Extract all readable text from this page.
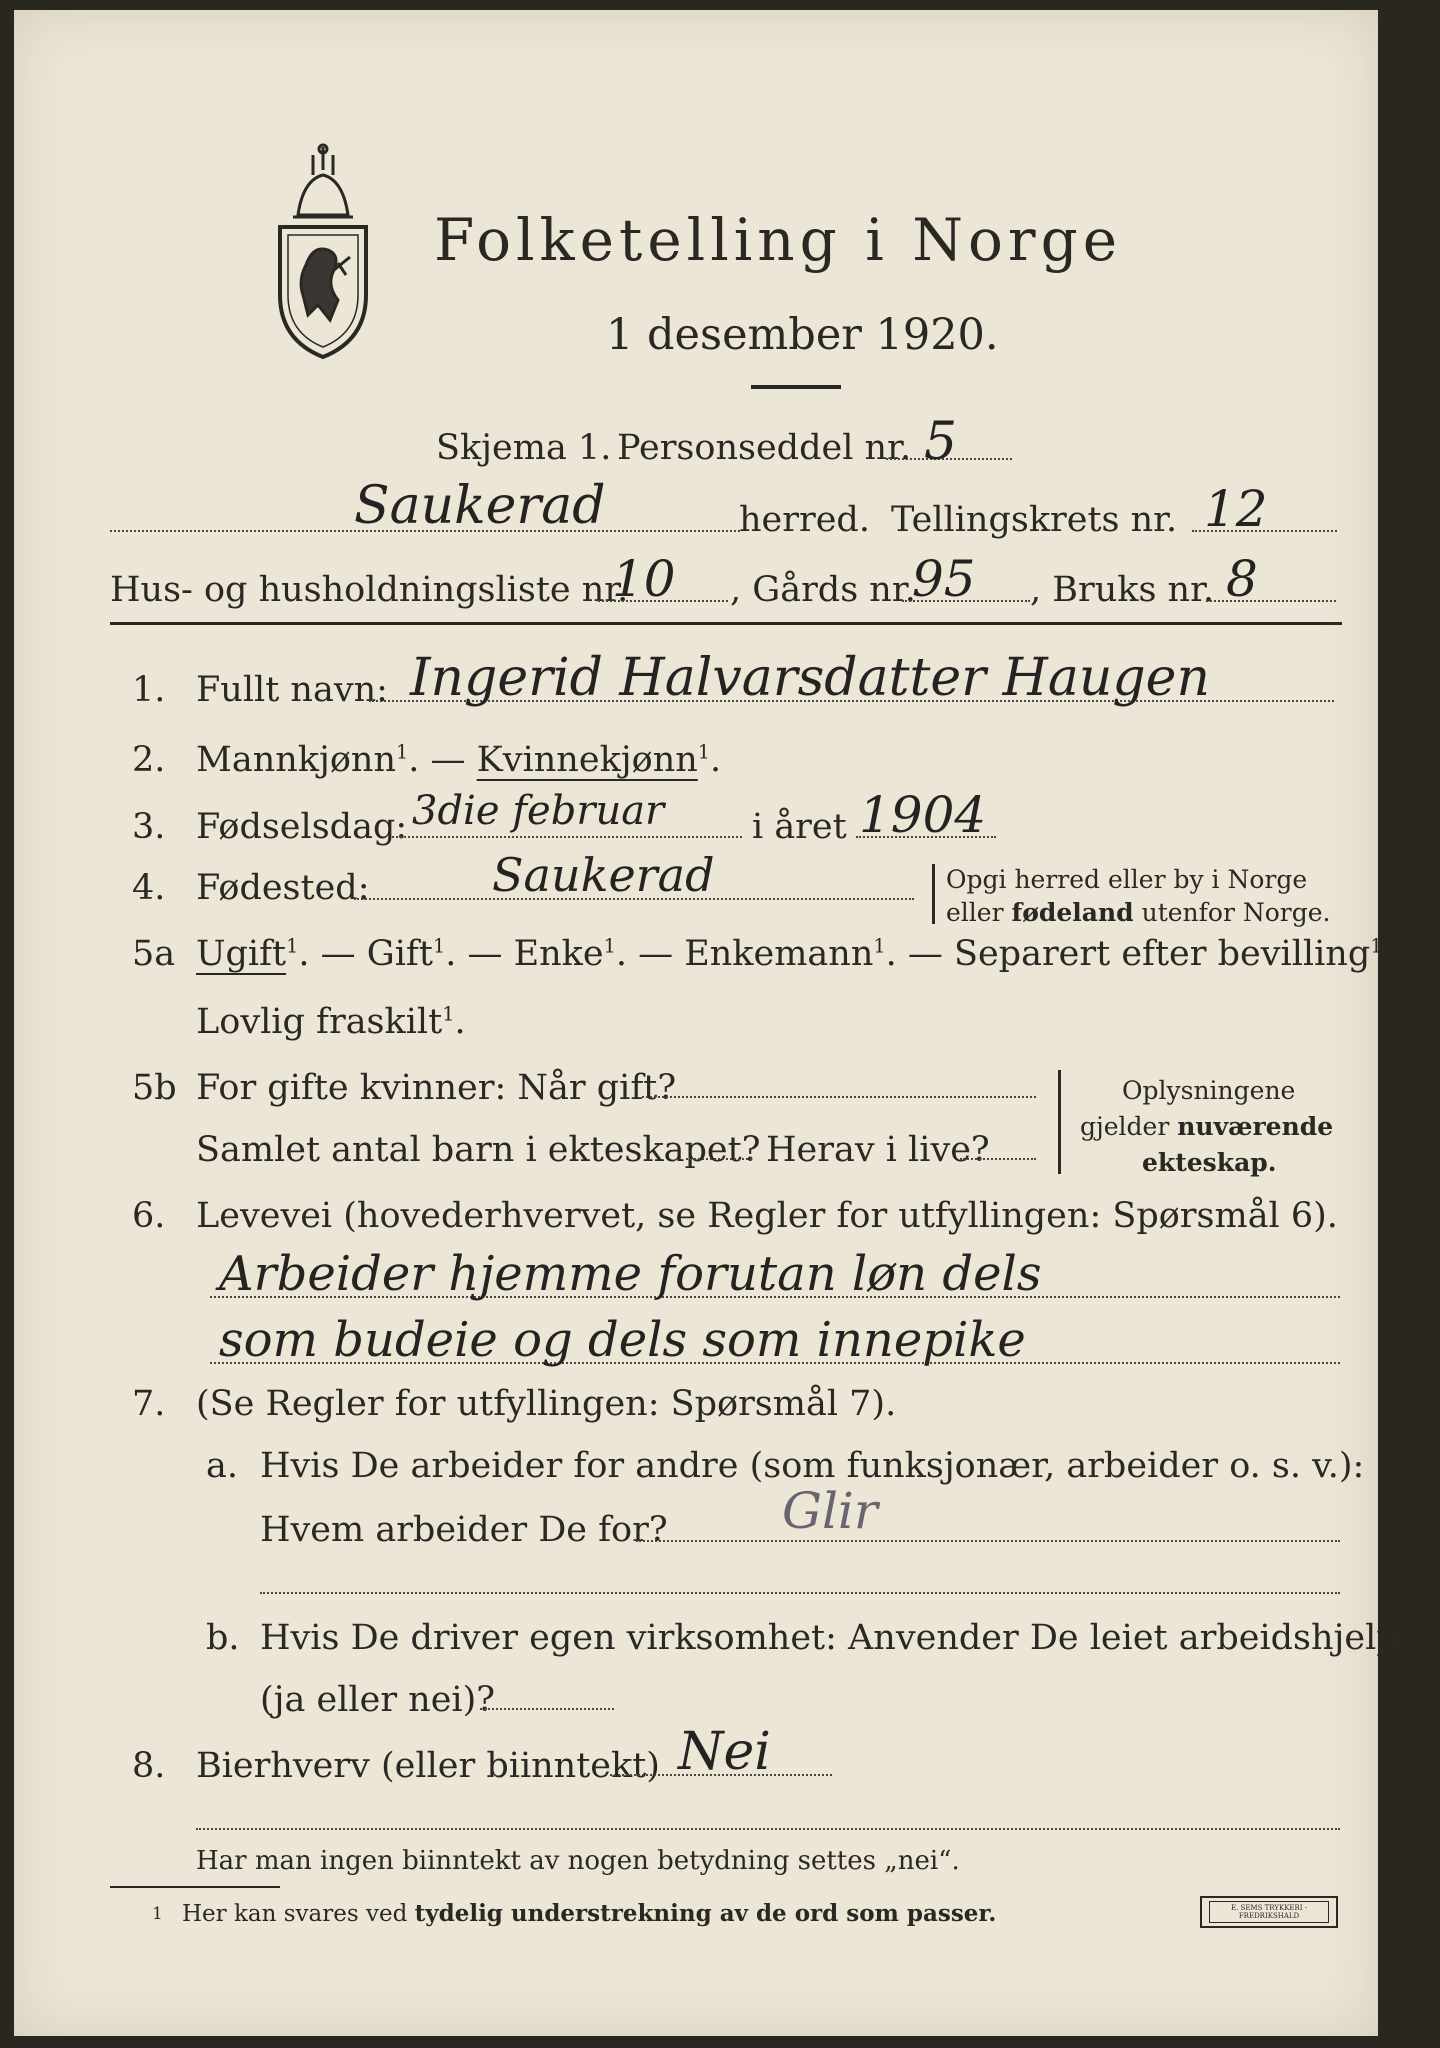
Folketelling i Norge
1 desember 1920.
Skjema 1. Personseddel nr. 5
Saukerad	herred. Tellingskrets nr. 12
Hus- og husholdningsliste nr.
10 , Gårds nr.
95 , Bruks nr. 8
1. Fullt navn: Ingerid Halvarsdatter Haugen
2. Mannkjønn$^1$. — Kvinnekjønn$^1$.
3. Fødselsdag: 3die februar	i året 1904
4. Fødested:	Saukerad	Opgi herred eller by i Norge
eller fødeland utenfor Norge.
5a Ugift$^1$. — Gift$^1$. — Enke$^1$. — Enkemann$^1$. — Separert efter bevilling$^1$. —
Lovlig fraskilt$^1$.
5b For gifte kvinner: Når gift?
Samlet antal barn i ekteskapet? Herav i live?
Oplysningene
gjelder nuværende
ekteskap.
6. Levevei (hovederhvervet, se Regler for utfyllingen: Spørsmål 6).
Arbeider hjemme forutan løn dels
som budeie og dels som innepike
7. (Se Regler for utfyllingen: Spørsmål 7).
a. Hvis De arbeider for andre (som funksjonær, arbeider o. s. v.):
Hvem arbeider De for? Glir
b. Hvis De driver egen virksomhet: Anvender De leiet arbeidshjelp
(ja eller nei)?
8. Bierhverv (eller biinntekt) Nei
Har man ingen biinntekt av nogen betydning settes „nei“.
1 Her kan svares ved tydelig understrekning av de ord som passer.	E. SEMS TRYKKERI · FREDRIKSHALD
